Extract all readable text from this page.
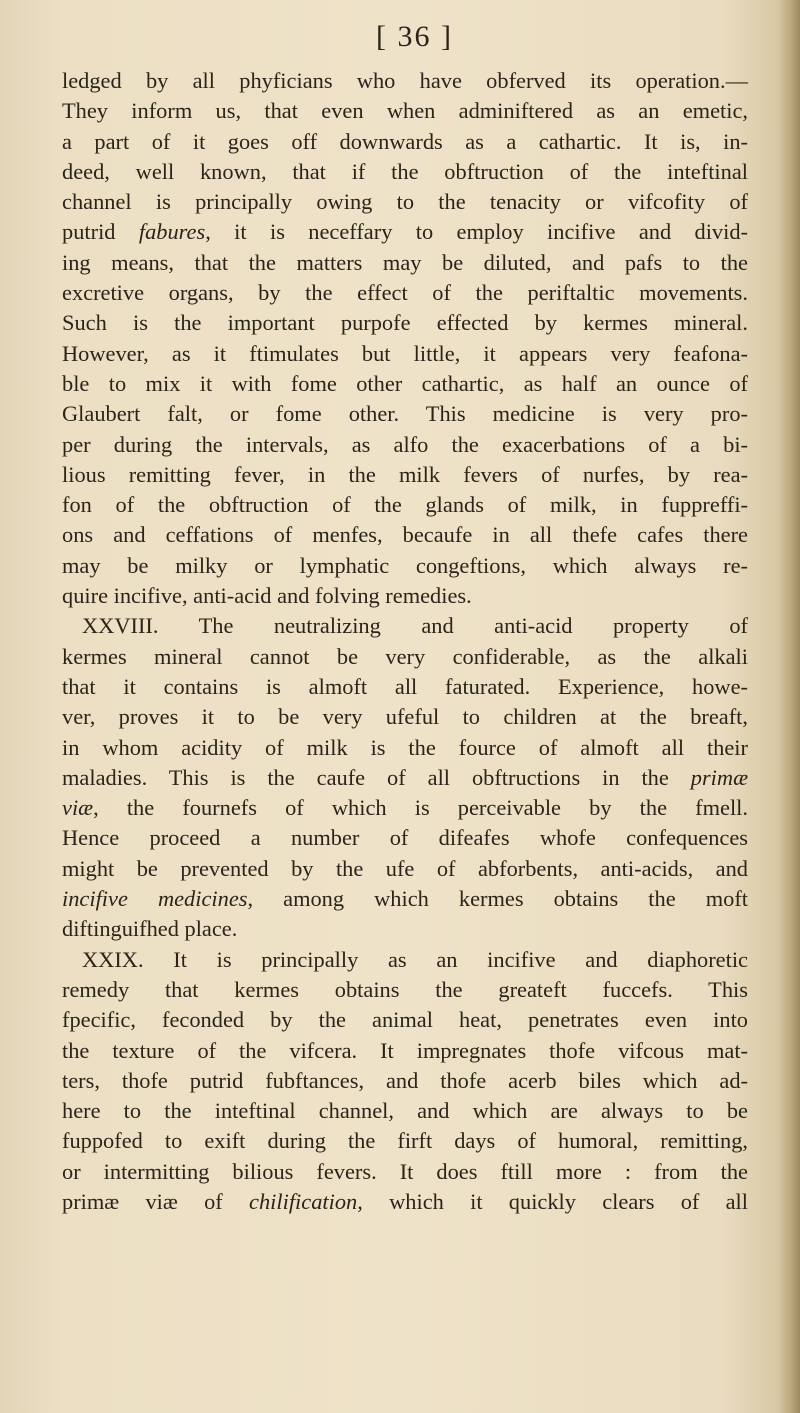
[ 36 ]
ledged by all phyficians who have obferved its operation.—
They inform us, that even when adminiftered as an emetic,
a part of it goes off downwards as a cathartic. It is, in-
deed, well known, that if the obftruction of the inteftinal
channel is principally owing to the tenacity or vifcofity of
putrid fabures, it is neceffary to employ incifive and divid-
ing means, that the matters may be diluted, and pafs to the
excretive organs, by the effect of the periftaltic movements.
Such is the important purpofe effected by kermes mineral.
However, as it ftimulates but little, it appears very feafona-
ble to mix it with fome other cathartic, as half an ounce of
Glaubert falt, or fome other. This medicine is very pro-
per during the intervals, as alfo the exacerbations of a bi-
lious remitting fever, in the milk fevers of nurfes, by rea-
fon of the obftruction of the glands of milk, in fuppreffi-
ons and ceffations of menfes, becaufe in all thefe cafes there
may be milky or lymphatic congeftions, which always re-
quire incifive, anti-acid and folving remedies.
XXVIII. The neutralizing and anti-acid property of
kermes mineral cannot be very confiderable, as the alkali
that it contains is almoft all faturated. Experience, howe-
ver, proves it to be very ufeful to children at the breaft,
in whom acidity of milk is the fource of almoft all their
maladies. This is the caufe of all obftructions in the primæ
viæ, the fournefs of which is perceivable by the fmell.
Hence proceed a number of difeafes whofe confequences
might be prevented by the ufe of abforbents, anti-acids, and
incifive medicines, among which kermes obtains the moft
diftinguifhed place.
XXIX. It is principally as an incifive and diaphoretic
remedy that kermes obtains the greateft fuccefs. This
fpecific, feconded by the animal heat, penetrates even into
the texture of the vifcera. It impregnates thofe vifcous mat-
ters, thofe putrid fubftances, and thofe acerb biles which ad-
here to the inteftinal channel, and which are always to be
fuppofed to exift during the firft days of humoral, remitting,
or intermitting bilious fevers. It does ftill more : from the
primæ viæ of chilification, which it quickly clears of all
